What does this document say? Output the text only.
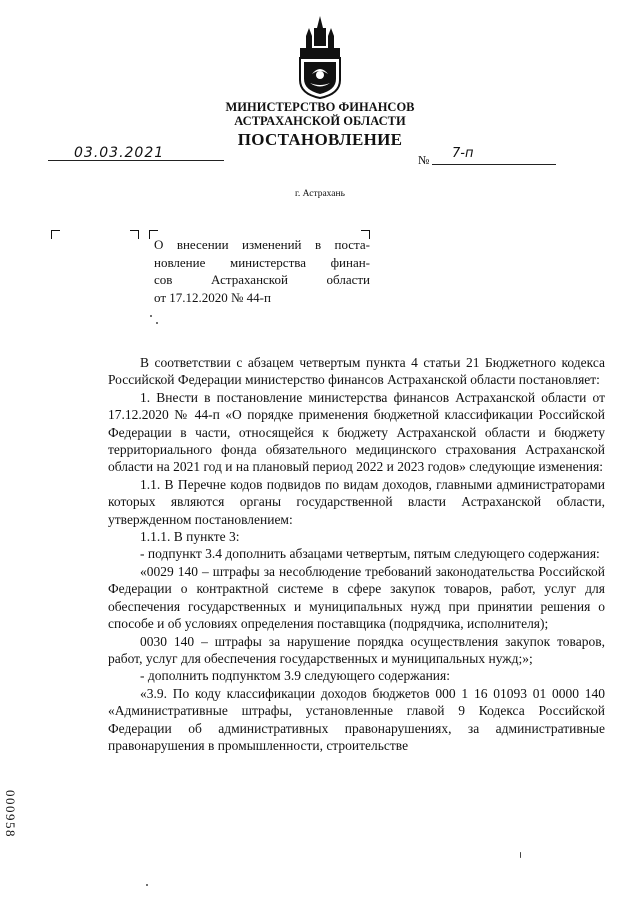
МИНИСТЕРСТВО ФИНАНСОВ
АСТРАХАНСКОЙ ОБЛАСТИ
ПОСТАНОВЛЕНИЕ
03.03.2021	№ 7-п
г. Астрахань
О внесении изменений в поста-
новление министерства финан-
сов Астраханской области
от 17.12.2020 № 44-п

В соответствии с абзацем четвертым пункта 4 статьи 21 Бюджетного кодекса Российской Федерации министерство финансов Астраханской области постановляет:

1. Внести в постановление министерства финансов Астраханской области от 17.12.2020 № 44-п «О порядке применения бюджетной классификации Российской Федерации в части, относящейся к бюджету Астраханской области и бюджету территориального фонда обязательного медицинского страхования Астраханской области на 2021 год и на плановый период 2022 и 2023 годов» следующие изменения:

1.1. В Перечне кодов подвидов по видам доходов, главными администраторами которых являются органы государственной власти Астраханской области, утвержденном постановлением:

1.1.1. В пункте 3:

- подпункт 3.4 дополнить абзацами четвертым, пятым следующего содержания:

«0029 140 – штрафы за несоблюдение требований законодательства Российской Федерации о контрактной системе в сфере закупок товаров, работ, услуг для обеспечения государственных и муниципальных нужд при принятии решения о способе и об условиях определения поставщика (подрядчика, исполнителя);

0030 140 – штрафы за нарушение порядка осуществления закупок товаров, работ, услуг для обеспечения государственных и муниципальных нужд;»;

- дополнить подпунктом 3.9 следующего содержания:

«3.9. По коду классификации доходов бюджетов 000 1 16 01093 01 0000 140 «Административные штрафы, установленные главой 9 Кодекса Российской Федерации об административных правонарушениях, за административные правонарушения в промышленности, строительстве

000958
